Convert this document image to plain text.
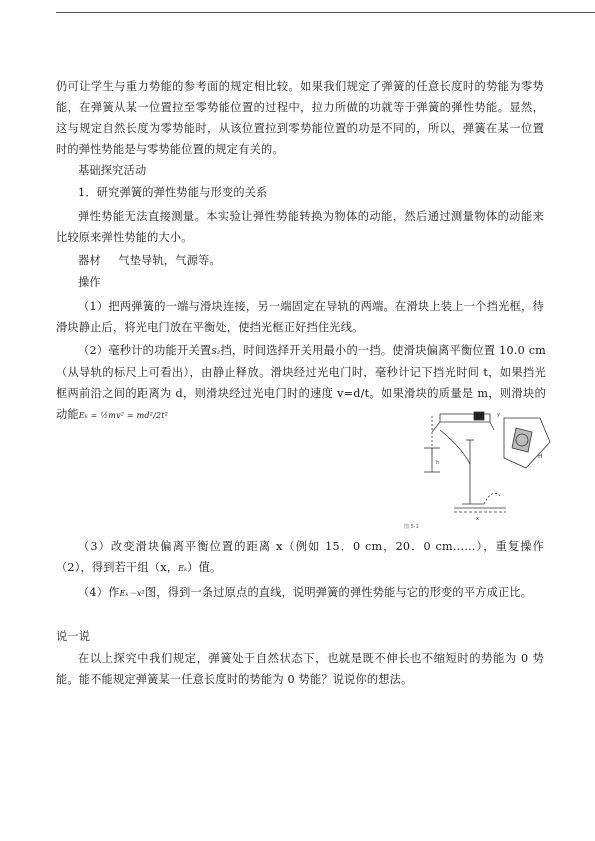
仍可让学生与重力势能的参考面的规定相比较。如果我们规定了弹簧的任意长度时的势能为零势能，在弹簧从某一位置拉至零势能位置的过程中，拉力所做的功就等于弹簧的弹性势能。显然，这与规定自然长度为零势能时，从该位置拉到零势能位置的功是不同的，所以，弹簧在某一位置时的弹性势能是与零势能位置的规定有关的。

基础探究活动
1．研究弹簧的弹性势能与形变的关系

弹性势能无法直接测量。本实验让弹性势能转换为物体的动能，然后通过测量物体的动能来比较原来弹性势能的大小。

器材 气垫导轨，气源等。
操作

（1）把两弹簧的一端与滑块连接，另一端固定在导轨的两端。在滑块上装上一个挡光框，待滑块静止后，将光电门放在平衡处，使挡光框正好挡住光线。

（2）毫秒计的功能开关置S₂挡，时间选择开关用最小的一挡。使滑块偏离平衡位置 10.0 cm（从导轨的标尺上可看出），由静止释放。滑块经过光电门时，毫秒计记下挡光时间 t，如果挡光框两前沿之间的距离为 d，则滑块经过光电门时的速度 v=d/t。如果滑块的质量是 m，则滑块的动能Eₖ = ½mv² = md²/2t²	y
h
x
H
图 5-1

（3）改变滑块偏离平衡位置的距离 x（例如 15．0 cm，20．0 cm……），重复操作（2），得到若干组（x，Eₖ）值。

（4）作Eₖ－x²图，得到一条过原点的直线，说明弹簧的弹性势能与它的形变的平方成正比。

说一说

在以上探究中我们规定，弹簧处于自然状态下，也就是既不伸长也不缩短时的势能为 0 势能。能不能规定弹簧某一任意长度时的势能为 0 势能？说说你的想法。
